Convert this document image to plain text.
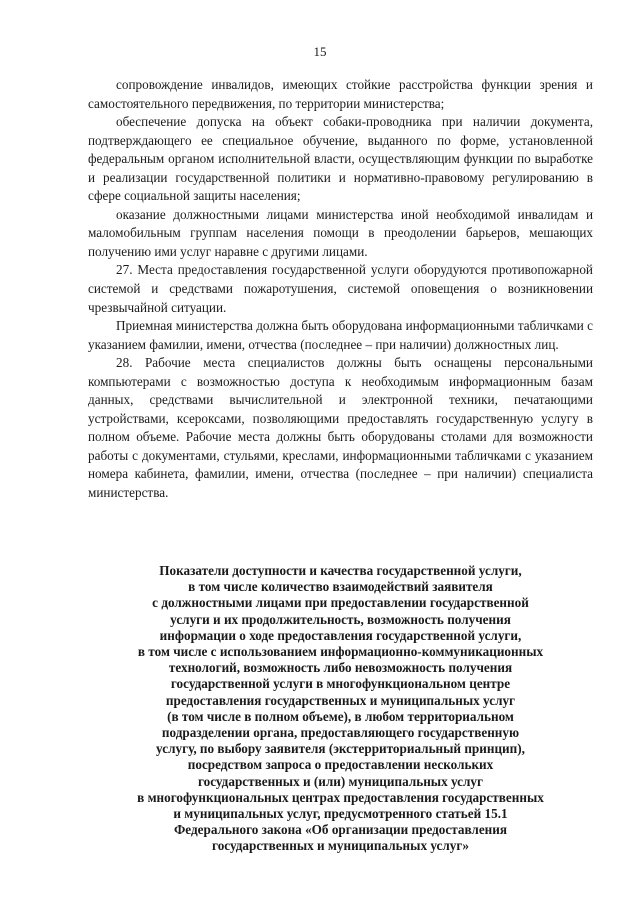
15

сопровождение инвалидов, имеющих стойкие расстройства функции зрения и самостоятельного передвижения, по территории министерства;

обеспечение допуска на объект собаки-проводника при наличии документа, подтверждающего ее специальное обучение, выданного по форме, установленной федеральным органом исполнительной власти, осуществляющим функции по выработке и реализации государственной политики и нормативно-правовому регулированию в сфере социальной защиты населения;

оказание должностными лицами министерства иной необходимой инвалидам и маломобильным группам населения помощи в преодолении барьеров, мешающих получению ими услуг наравне с другими лицами.

27. Места предоставления государственной услуги оборудуются противопожарной системой и средствами пожаротушения, системой оповещения о возникновении чрезвычайной ситуации.

Приемная министерства должна быть оборудована информационными табличками с указанием фамилии, имени, отчества (последнее – при наличии) должностных лиц.

28. Рабочие места специалистов должны быть оснащены персональными компьютерами с возможностью доступа к необходимым информационным базам данных, средствами вычислительной и электронной техники, печатающими устройствами, ксероксами, позволяющими предоставлять государственную услугу в полном объеме. Рабочие места должны быть оборудованы столами для возможности работы с документами, стульями, креслами, информационными табличками с указанием номера кабинета, фамилии, имени, отчества (последнее – при наличии) специалиста министерства.

Показатели доступности и качества государственной услуги,
в том числе количество взаимодействий заявителя
с должностными лицами при предоставлении государственной
услуги и их продолжительность, возможность получения
информации о ходе предоставления государственной услуги,
в том числе с использованием информационно-коммуникационных
технологий, возможность либо невозможность получения
государственной услуги в многофункциональном центре
предоставления государственных и муниципальных услуг
(в том числе в полном объеме), в любом территориальном
подразделении органа, предоставляющего государственную
услугу, по выбору заявителя (экстерриториальный принцип),
посредством запроса о предоставлении нескольких
государственных и (или) муниципальных услуг
в многофункциональных центрах предоставления государственных
и муниципальных услуг, предусмотренного статьей 15.1
Федерального закона «Об организации предоставления
государственных и муниципальных услуг»
